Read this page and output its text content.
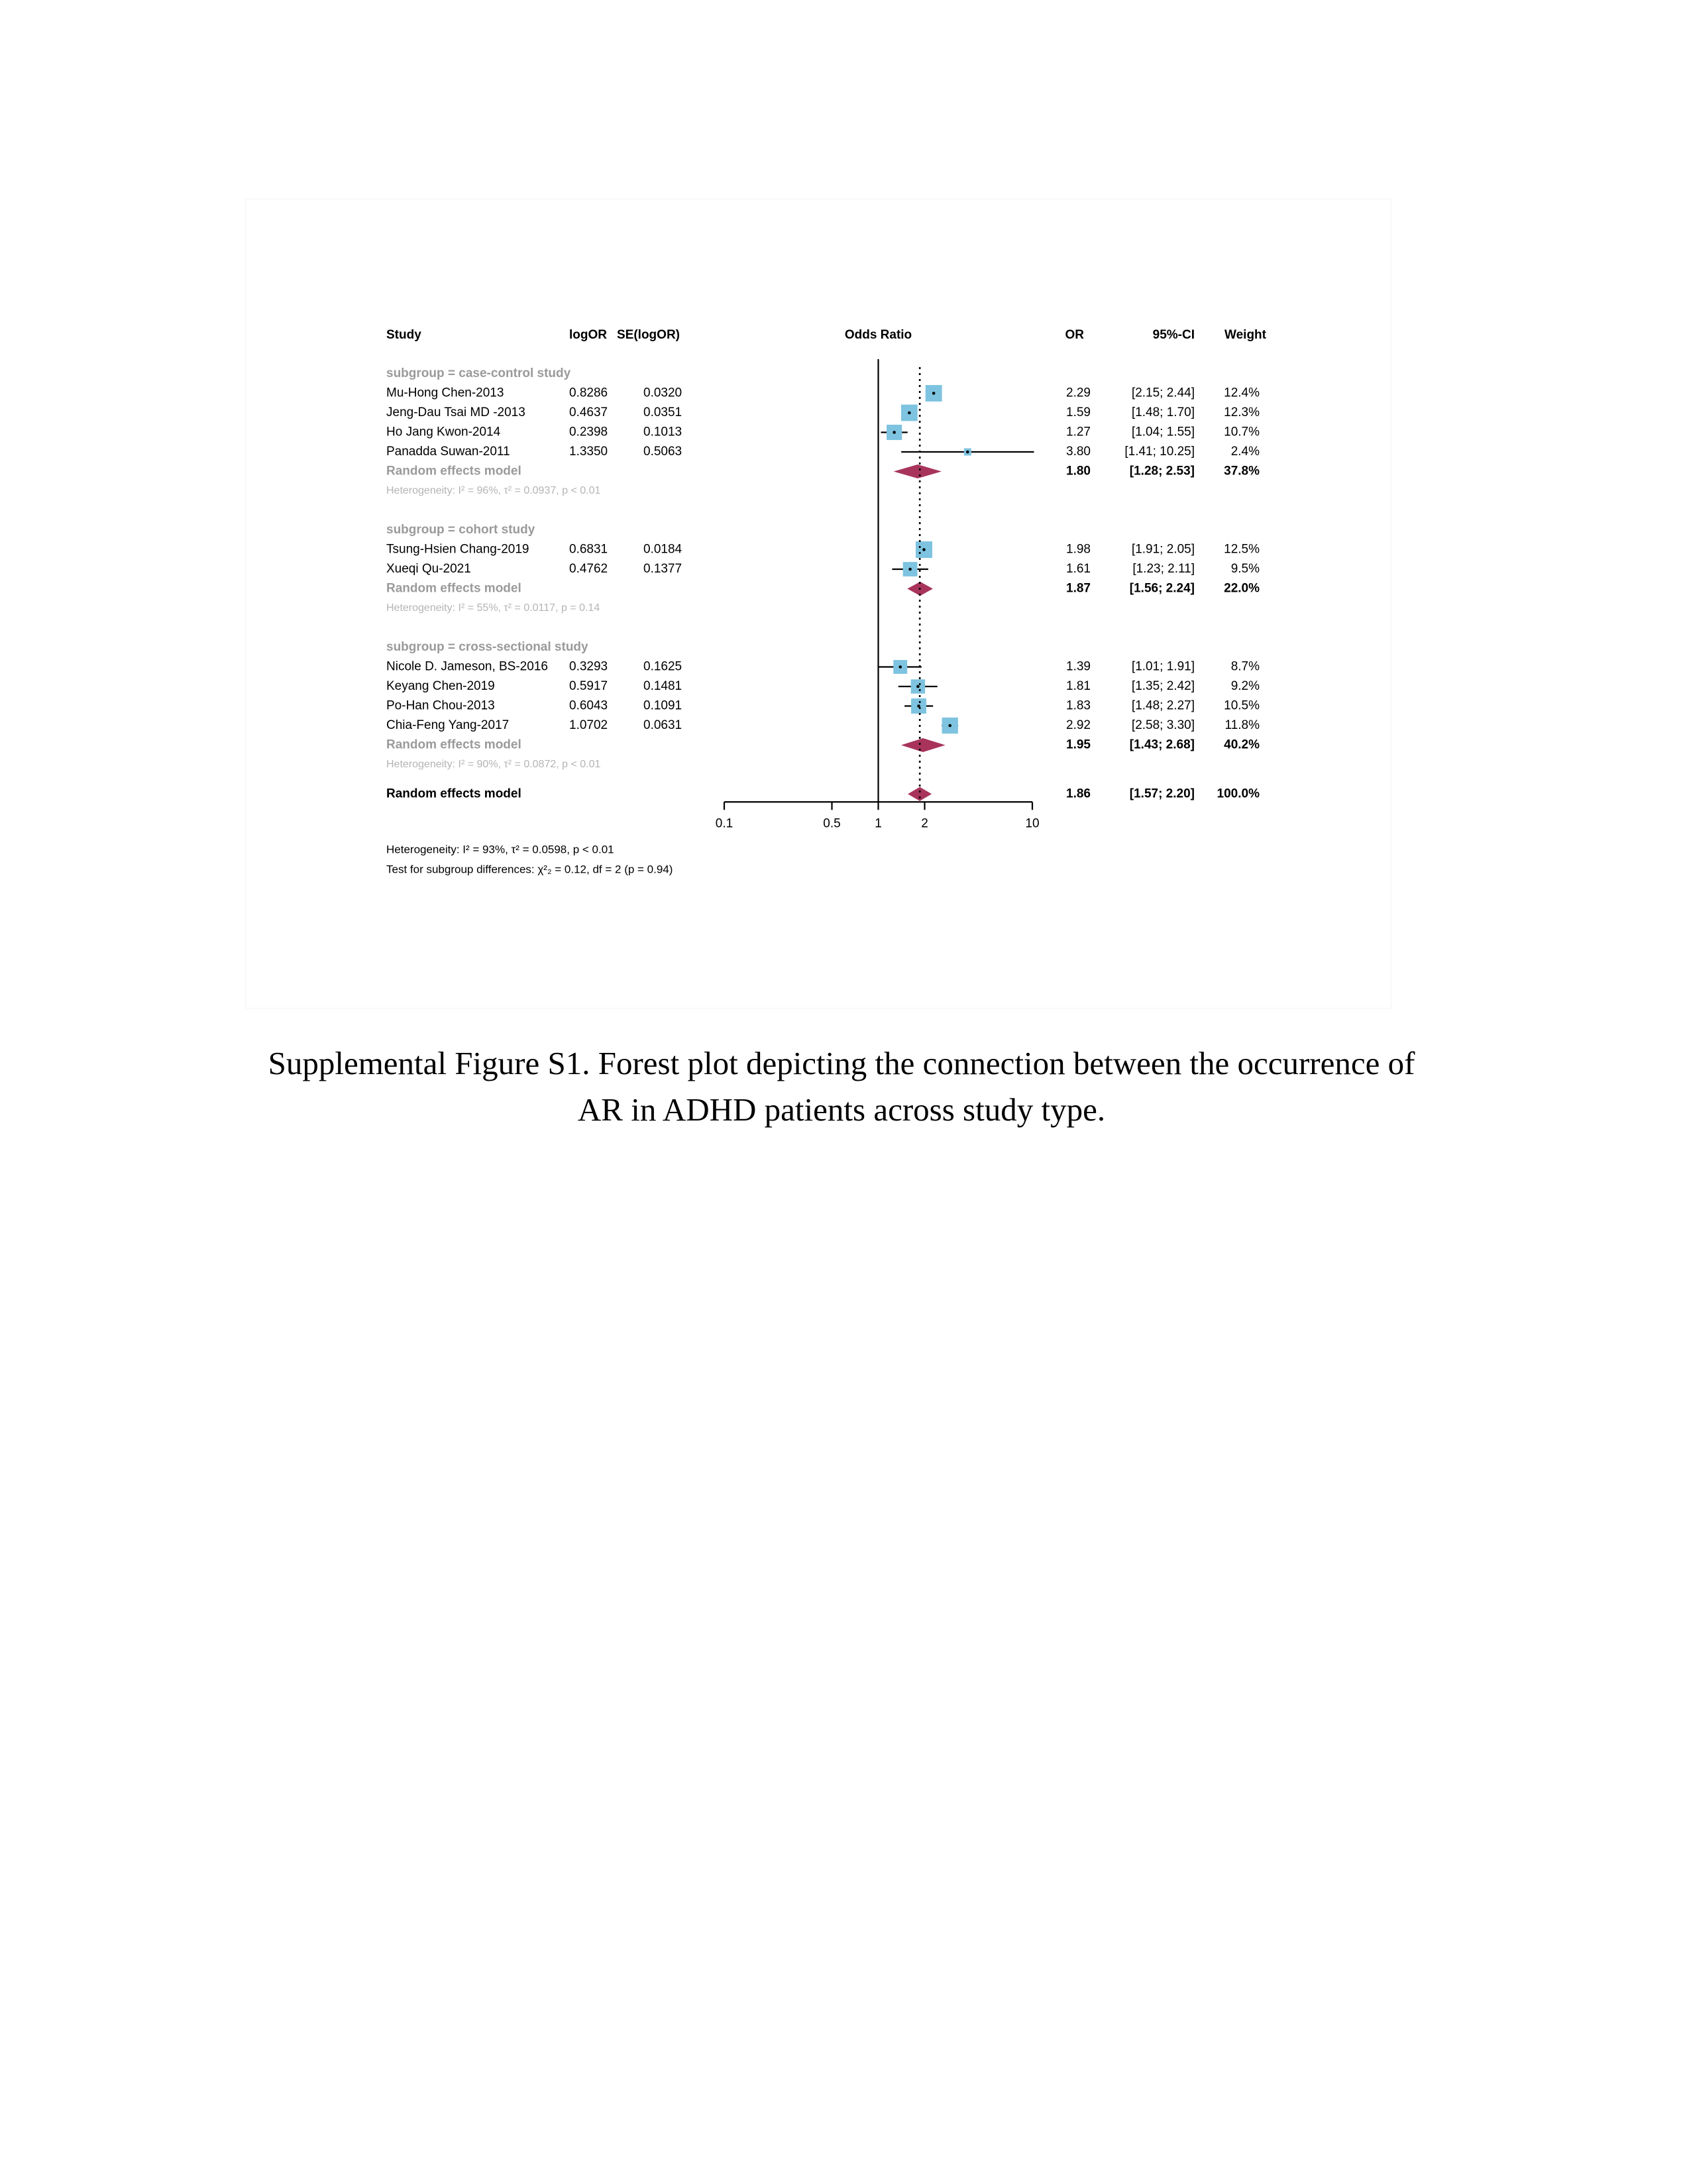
Study	logOR SE(logOR)	Odds Ratio	OR	95%-CI Weight
subgroup = case-control study
Mu-Hong Chen-2013	0.8286	0.0320	2.29	[2.15; 2.44] 12.4%
Jeng-Dau Tsai MD -2013	0.4637	0.0351	1.59	[1.48; 1.70] 12.3%
Ho Jang Kwon-2014	0.2398	0.1013	1.27	[1.04; 1.55] 10.7%
Panadda Suwan-2011	1.3350	0.5063	3.80	[1.41; 10.25]	2.4%
Random effects model	1.80	[1.28; 2.53] 37.8%
Heterogeneity: I² = 96%, τ² = 0.0937, p < 0.01
subgroup = cohort study
Tsung-Hsien Chang-2019	0.6831	0.0184	1.98	[1.91; 2.05] 12.5%
Xueqi Qu-2021	0.4762	0.1377	1.61	[1.23; 2.11]	9.5%
Random effects model	1.87	[1.56; 2.24] 22.0%
Heterogeneity: I² = 55%, τ² = 0.0117, p = 0.14
subgroup = cross-sectional study
Nicole D. Jameson, BS-2016 0.3293	0.1625	1.39	[1.01; 1.91]	8.7%
Keyang Chen-2019	0.5917	0.1481	1.81	[1.35; 2.42]	9.2%
Po-Han Chou-2013	0.6043	0.1091	1.83	[1.48; 2.27] 10.5%
Chia-Feng Yang-2017	1.0702	0.0631	2.92	[2.58; 3.30] 11.8%
Random effects model	1.95	[1.43; 2.68] 40.2%
Heterogeneity: I² = 90%, τ² = 0.0872, p < 0.01
Random effects model	1.86	[1.57; 2.20] 100.0%
0.1	0.5	1	2	10
Heterogeneity: I² = 93%, τ² = 0.0598, p < 0.01
Test for subgroup differences: χ²₂ = 0.12, df = 2 (p = 0.94)
Supplemental Figure S1. Forest plot depicting the connection between the occurrence of
AR in ADHD patients across study type.
